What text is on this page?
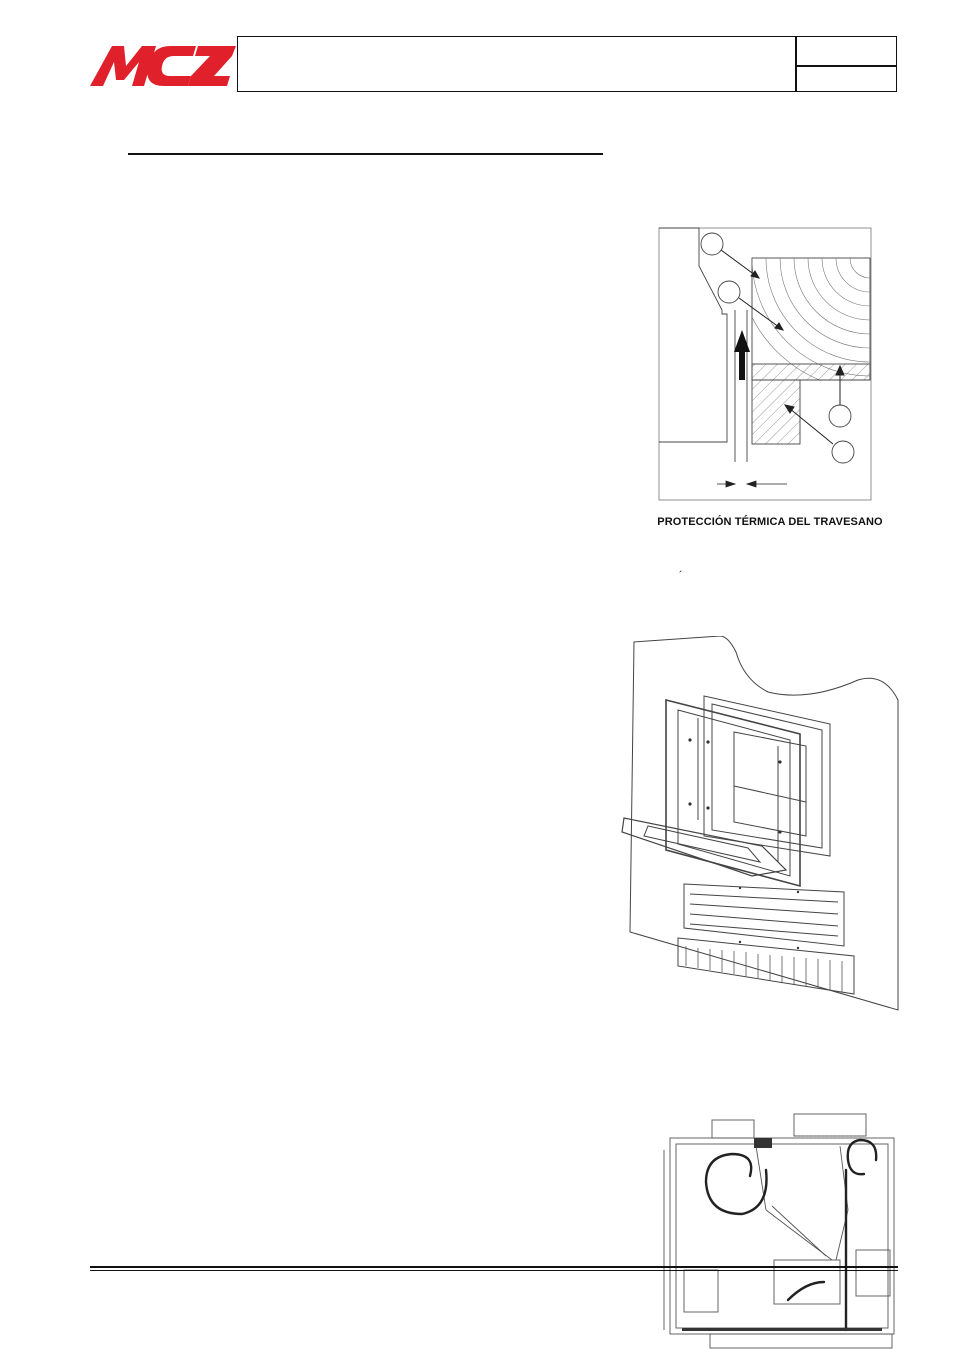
PROTECCIÓN TÉRMICA DEL TRAVESANO
´
